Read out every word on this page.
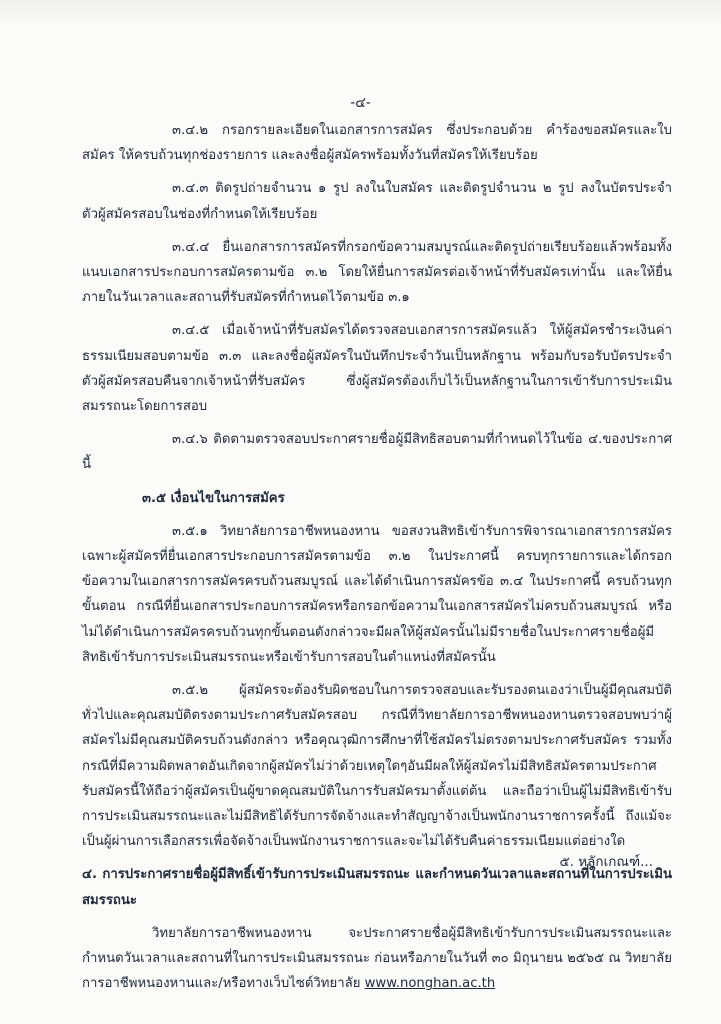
-๔-

๓.๔.๒ กรอกรายละเอียดในเอกสารการสมัคร ซึ่งประกอบด้วย คำร้องขอสมัครและใบสมัคร ให้ครบถ้วนทุกช่องรายการ และลงชื่อผู้สมัครพร้อมทั้งวันที่สมัครให้เรียบร้อย

๓.๔.๓ ติดรูปถ่ายจำนวน ๑ รูป ลงในใบสมัคร และติดรูปจำนวน ๒ รูป ลงในบัตรประจำตัวผู้สมัครสอบในช่องที่กำหนดให้เรียบร้อย

๓.๔.๔ ยื่นเอกสารการสมัครที่กรอกข้อความสมบูรณ์และติดรูปถ่ายเรียบร้อยแล้วพร้อมทั้งแนบเอกสารประกอบการสมัครตามข้อ ๓.๒ โดยให้ยื่นการสมัครต่อเจ้าหน้าที่รับสมัครเท่านั้น และให้ยื่นภายในวันเวลาและสถานที่รับสมัครที่กำหนดไว้ตามข้อ ๓.๑

๓.๔.๕ เมื่อเจ้าหน้าที่รับสมัครได้ตรวจสอบเอกสารการสมัครแล้ว ให้ผู้สมัครชำระเงินค่าธรรมเนียมสอบตามข้อ ๓.๓ และลงชื่อผู้สมัครในบันทึกประจำวันเป็นหลักฐาน พร้อมกับรอรับบัตรประจำตัวผู้สมัครสอบคืนจากเจ้าหน้าที่รับสมัคร ซึ่งผู้สมัครต้องเก็บไว้เป็นหลักฐานในการเข้ารับการประเมินสมรรถนะโดยการสอบ

๓.๔.๖ ติดตามตรวจสอบประกาศรายชื่อผู้มีสิทธิสอบตามที่กำหนดไว้ในข้อ ๔.ของประกาศนี้

๓.๕ เงื่อนไขในการสมัคร

๓.๕.๑ วิทยาลัยการอาชีพหนองหาน ขอสงวนสิทธิเข้ารับการพิจารณาเอกสารการสมัครเฉพาะผู้สมัครที่ยื่นเอกสารประกอบการสมัครตามข้อ ๓.๒ ในประกาศนี้ ครบทุกรายการและได้กรอกข้อความในเอกสารการสมัครครบถ้วนสมบูรณ์ และได้ดำเนินการสมัครข้อ ๓.๔ ในประกาศนี้ ครบถ้วนทุกขั้นตอน กรณีที่ยื่นเอกสารประกอบการสมัครหรือกรอกข้อความในเอกสารสมัครไม่ครบถ้วนสมบูรณ์ หรือไม่ได้ดำเนินการสมัครครบถ้วนทุกขั้นตอนดังกล่าวจะมีผลให้ผู้สมัครนั้นไม่มีรายชื่อในประกาศรายชื่อผู้มีสิทธิเข้ารับการประเมินสมรรถนะหรือเข้ารับการสอบในตำแหน่งที่สมัครนั้น

๓.๕.๒ ผู้สมัครจะต้องรับผิดชอบในการตรวจสอบและรับรองตนเองว่าเป็นผู้มีคุณสมบัติทั่วไปและคุณสมบัติตรงตามประกาศรับสมัครสอบ กรณีที่วิทยาลัยการอาชีพหนองหานตรวจสอบพบว่าผู้สมัครไม่มีคุณสมบัติครบถ้วนดังกล่าว หรือคุณวุฒิการศึกษาที่ใช้สมัครไม่ตรงตามประกาศรับสมัคร รวมทั้งกรณีที่มีความผิดพลาดอันเกิดจากผู้สมัครไม่ว่าด้วยเหตุใดๆอันมีผลให้ผู้สมัครไม่มีสิทธิสมัครตามประกาศรับสมัครนี้ให้ถือว่าผู้สมัครเป็นผู้ขาดคุณสมบัติในการรับสมัครมาตั้งแต่ต้น และถือว่าเป็นผู้ไม่มีสิทธิเข้ารับการประเมินสมรรถนะและไม่มีสิทธิได้รับการจัดจ้างและทำสัญญาจ้างเป็นพนักงานราชการครั้งนี้ ถึงแม้จะเป็นผู้ผ่านการเลือกสรรเพื่อจัดจ้างเป็นพนักงานราชการและจะไม่ได้รับคืนค่าธรรมเนียมแต่อย่างใด

๔. การประกาศรายชื่อผู้มีสิทธิ์เข้ารับการประเมินสมรรถนะ และกำหนดวันเวลาและสถานที่ในการประเมินสมรรถนะ

วิทยาลัยการอาชีพหนองหาน จะประกาศรายชื่อผู้มีสิทธิเข้ารับการประเมินสมรรถนะและกำหนดวันเวลาและสถานที่ในการประเมินสมรรถนะ ก่อนหรือภายในวันที่ ๓๐ มิถุนายน ๒๕๖๕ ณ วิทยาลัยการอาชีพหนองหานและ/หรือทางเว็บไซต์วิทยาลัย www.nonghan.ac.th

๕. หลักเกณฑ์...
